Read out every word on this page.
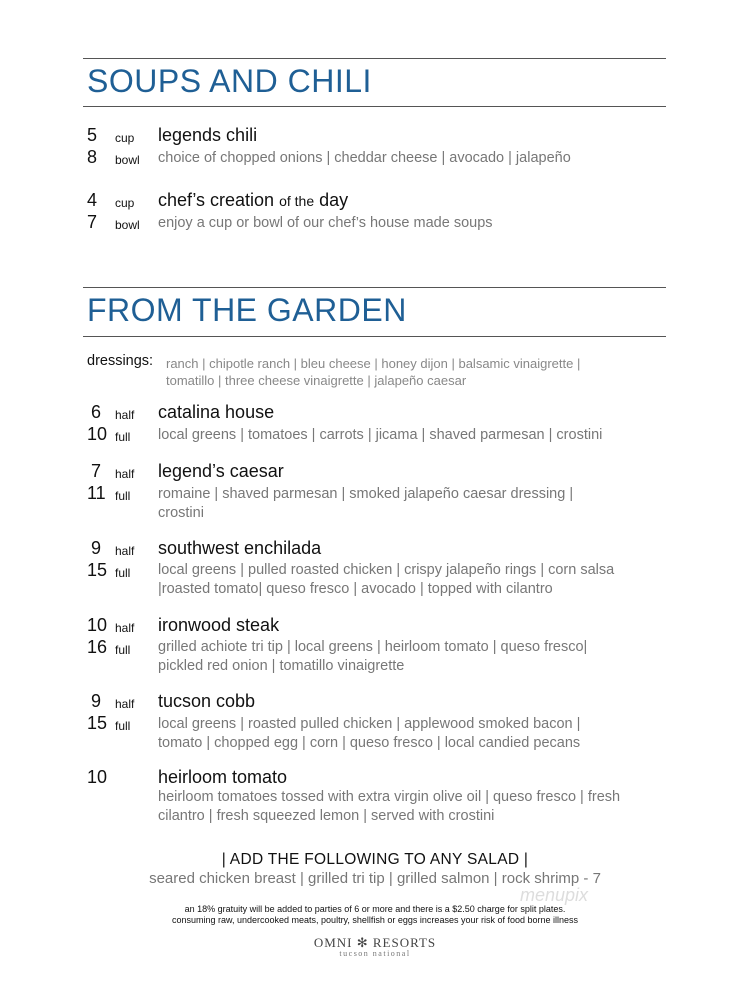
SOUPS AND CHILI
5 cup
8 bowl
legends chili
choice of chopped onions | cheddar cheese | avocado | jalapeño
4 cup
7 bowl
chef’s creation of the day
enjoy a cup or bowl of our chef’s house made soups
FROM THE GARDEN
dressings: ranch | chipotle ranch | bleu cheese | honey dijon | balsamic vinaigrette |
tomatillo | three cheese vinaigrette | jalapeño caesar
6 half
10 full
catalina house
local greens | tomatoes | carrots | jicama | shaved parmesan | crostini
7 half
11 full
legend’s caesar
romaine | shaved parmesan | smoked jalapeño caesar dressing |
crostini
9 half
15 full
southwest enchilada
local greens | pulled roasted chicken | crispy jalapeño rings | corn salsa
|roasted tomato| queso fresco | avocado | topped with cilantro
10 half
16 full
ironwood steak
grilled achiote tri tip | local greens | heirloom tomato | queso fresco|
pickled red onion | tomatillo vinaigrette
9 half
15 full
tucson cobb
local greens | roasted pulled chicken | applewood smoked bacon |
tomato | chopped egg | corn | queso fresco | local candied pecans
10	heirloom tomato
heirloom tomatoes tossed with extra virgin olive oil | queso fresco | fresh
cilantro | fresh squeezed lemon | served with crostini
| ADD THE FOLLOWING TO ANY SALAD |
seared chicken breast | grilled tri tip | grilled salmon | rock shrimp - 7
menupix
an 18% gratuity will be added to parties of 6 or more and there is a $2.50 charge for split plates.
consuming raw, undercooked meats, poultry, shellfish or eggs increases your risk of food borne illness
OMNI ✻ RESORTS
tucson national
